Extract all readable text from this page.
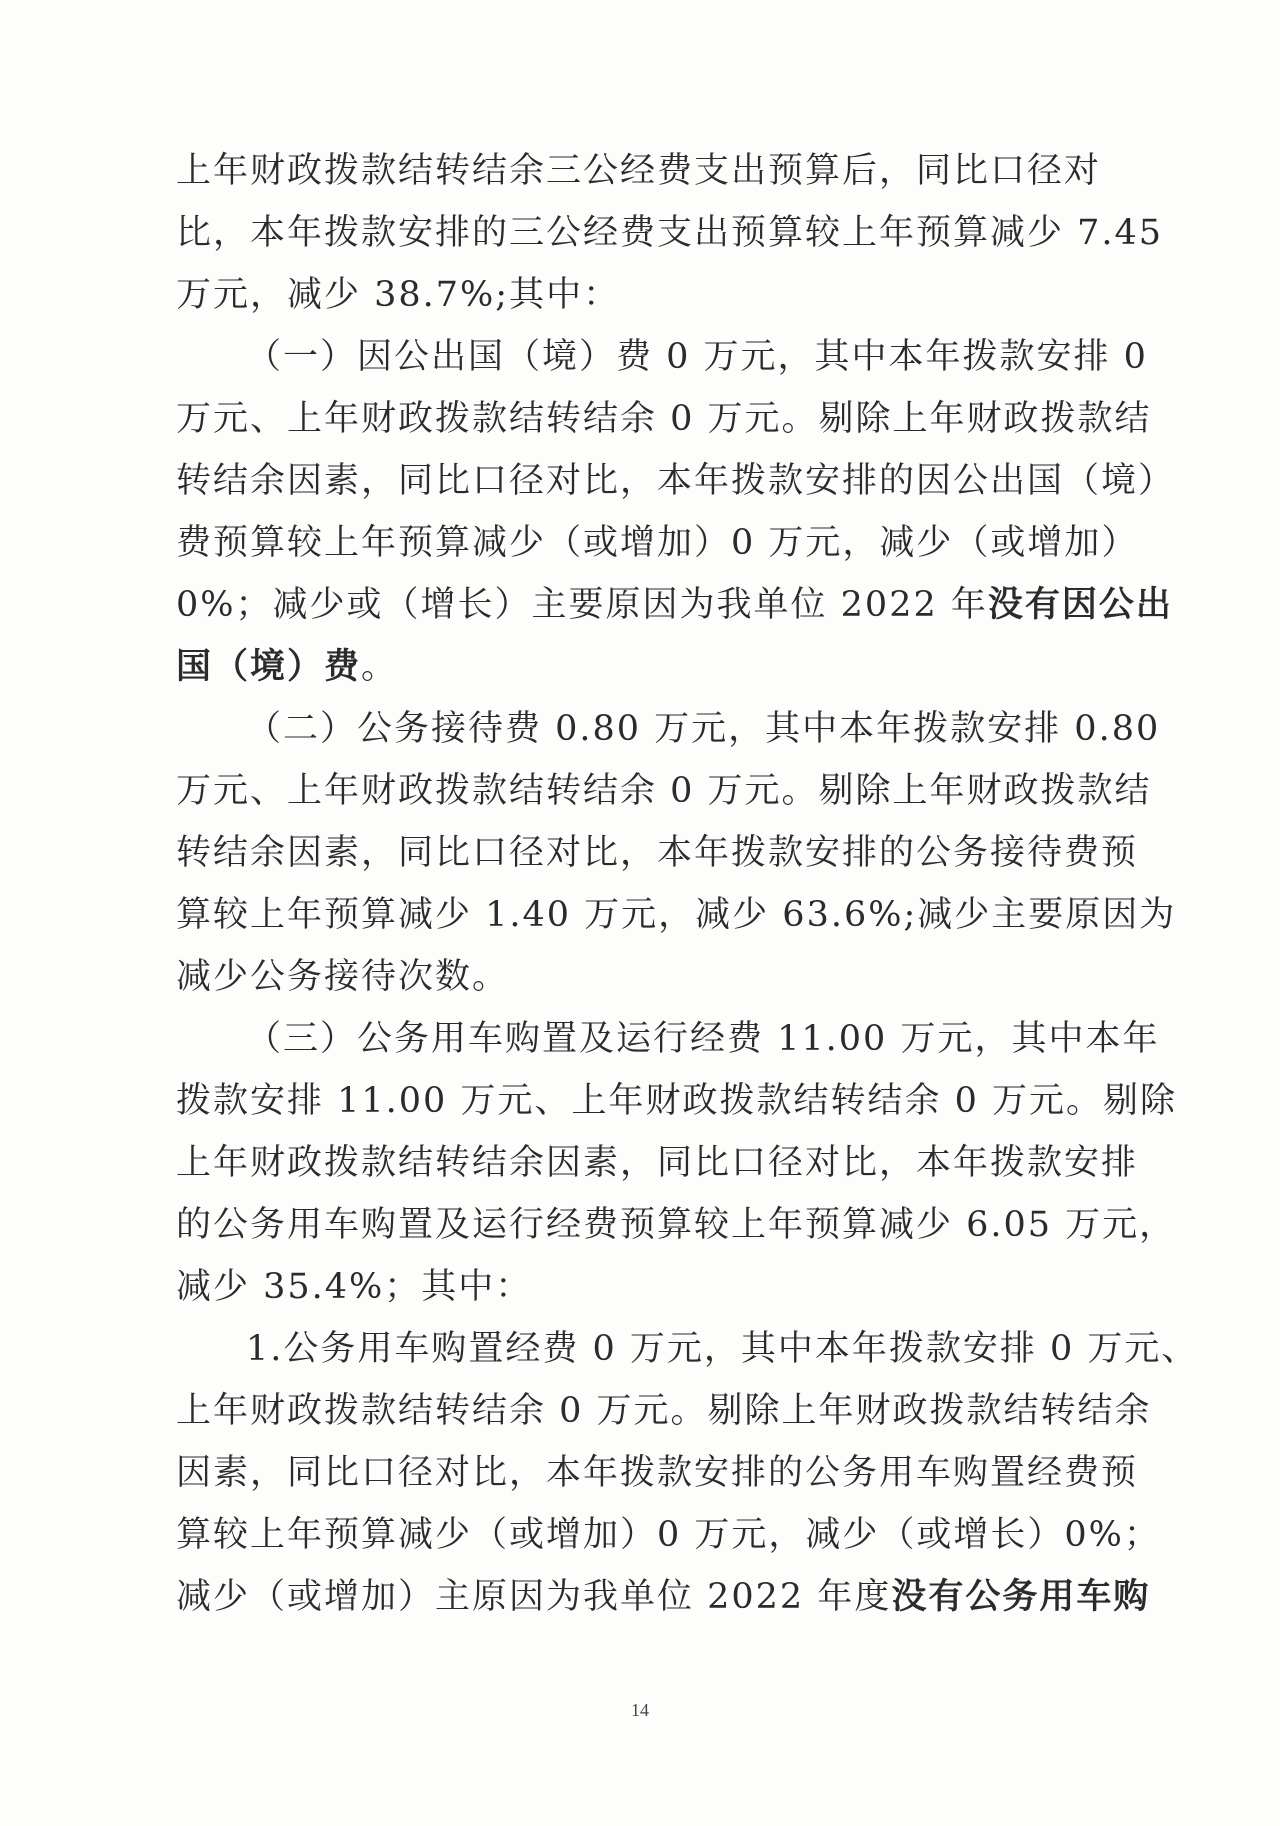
上年财政拨款结转结余三公经费支出预算后，同比口径对
比，本年拨款安排的三公经费支出预算较上年预算减少 7.45
万元，减少 38.7%;其中：
（一）因公出国（境）费 0 万元，其中本年拨款安排 0
万元、上年财政拨款结转结余 0 万元。剔除上年财政拨款结
转结余因素，同比口径对比，本年拨款安排的因公出国（境）
费预算较上年预算减少（或增加）0 万元，减少（或增加）
0%；减少或（增长）主要原因为我单位 2022 年没有因公出
国（境）费。
（二）公务接待费 0.80 万元，其中本年拨款安排 0.80
万元、上年财政拨款结转结余 0 万元。剔除上年财政拨款结
转结余因素，同比口径对比，本年拨款安排的公务接待费预
算较上年预算减少 1.40 万元，减少 63.6%;减少主要原因为
减少公务接待次数。
（三）公务用车购置及运行经费 11.00 万元，其中本年
拨款安排 11.00 万元、上年财政拨款结转结余 0 万元。剔除
上年财政拨款结转结余因素，同比口径对比，本年拨款安排
的公务用车购置及运行经费预算较上年预算减少 6.05 万元，
减少 35.4%；其中：
1.公务用车购置经费 0 万元，其中本年拨款安排 0 万元、
上年财政拨款结转结余 0 万元。剔除上年财政拨款结转结余
因素，同比口径对比，本年拨款安排的公务用车购置经费预
算较上年预算减少（或增加）0 万元，减少（或增长）0%；
减少（或增加）主原因为我单位 2022 年度没有公务用车购
14
